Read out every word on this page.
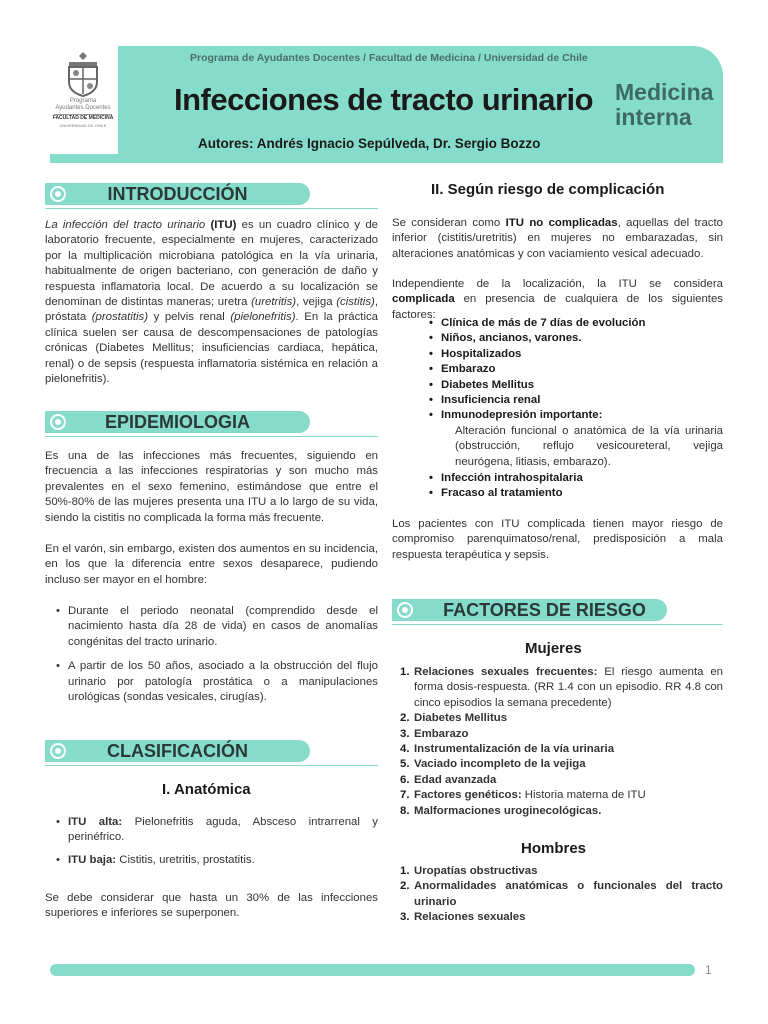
Programa
Ayudantes Docentes
FACULTAD DE MEDICINA
UNIVERSIDAD DE CHILE
Programa de Ayudantes Docentes / Facultad de Medicina / Universidad de Chile
Infecciones de tracto urinario Medicina
interna
Autores: Andrés Ignacio Sepúlveda, Dr. Sergio Bozzo
INTRODUCCIÓN
La infección del tracto urinario (ITU) es un cuadro clínico y de laboratorio frecuente, especialmente en mujeres, caracterizado por la multiplicación microbiana patológica en la vía urinaria, habitualmente de origen bacteriano, con generación de daño y respuesta inflamatoria local. De acuerdo a su localización se denominan de distintas maneras; uretra (uretritis), vejiga (cistitis), próstata (prostatitis) y pelvis renal (pielonefritis). En la práctica clínica suelen ser causa de descompensaciones de patologías crónicas (Diabetes Mellitus; insuficiencias cardiaca, hepática, renal) o de sepsis (respuesta inflamatoria sistémica en relación a pielonefritis).
EPIDEMIOLOGIA
Es una de las infecciones más frecuentes, siguiendo en frecuencia a las infecciones respiratorias y son mucho más prevalentes en el sexo femenino, estimándose que entre el 50%-80% de las mujeres presenta una ITU a lo largo de su vida, siendo la cistitis no complicada la forma más frecuente.
En el varón, sin embargo, existen dos aumentos en su incidencia, en los que la diferencia entre sexos desaparece, pudiendo incluso ser mayor en el hombre:
• Durante el periodo neonatal (comprendido desde el nacimiento hasta día 28 de vida) en casos de anomalías congénitas del tracto urinario.
• A partir de los 50 años, asociado a la obstrucción del flujo urinario por patología prostática o a manipulaciones urológicas (sondas vesicales, cirugías).
CLASIFICACIÓN
I. Anatómica
• ITU alta: Pielonefritis aguda, Absceso intrarrenal y perinéfrico.
• ITU baja: Cistitis, uretritis, prostatitis.
Se debe considerar que hasta un 30% de las infecciones superiores e inferiores se superponen.
II. Según riesgo de complicación
Se consideran como ITU no complicadas, aquellas del tracto inferior (cistitis/uretritis) en mujeres no embarazadas, sin alteraciones anatómicas y con vaciamiento vesical adecuado.
Independiente de la localización, la ITU se considera complicada en presencia de cualquiera de los siguientes factores:
• Clínica de más de 7 días de evolución
• Niños, ancianos, varones.
• Hospitalizados
• Embarazo
• Diabetes Mellitus
• Insuficiencia renal
• Inmunodepresión importante:
Alteración funcional o anatómica de la vía urinaria (obstrucción, reflujo vesicoureteral, vejiga neurógena, litiasis, embarazo).
• Infección intrahospitalaria
• Fracaso al tratamiento
Los pacientes con ITU complicada tienen mayor riesgo de compromiso parenquimatoso/renal, predisposición a mala respuesta terapéutica y sepsis.
FACTORES DE RIESGO
Mujeres
1. Relaciones sexuales frecuentes: El riesgo aumenta en forma dosis-respuesta. (RR 1.4 con un episodio. RR 4.8 con cinco episodios la semana precedente)
2. Diabetes Mellitus
3. Embarazo
4. Instrumentalización de la vía urinaria
5. Vaciado incompleto de la vejiga
6. Edad avanzada
7. Factores genéticos: Historia materna de ITU
8. Malformaciones uroginecológicas.
Hombres
1. Uropatías obstructivas
2. Anormalidades anatómicas o funcionales del tracto urinario
3. Relaciones sexuales
1
